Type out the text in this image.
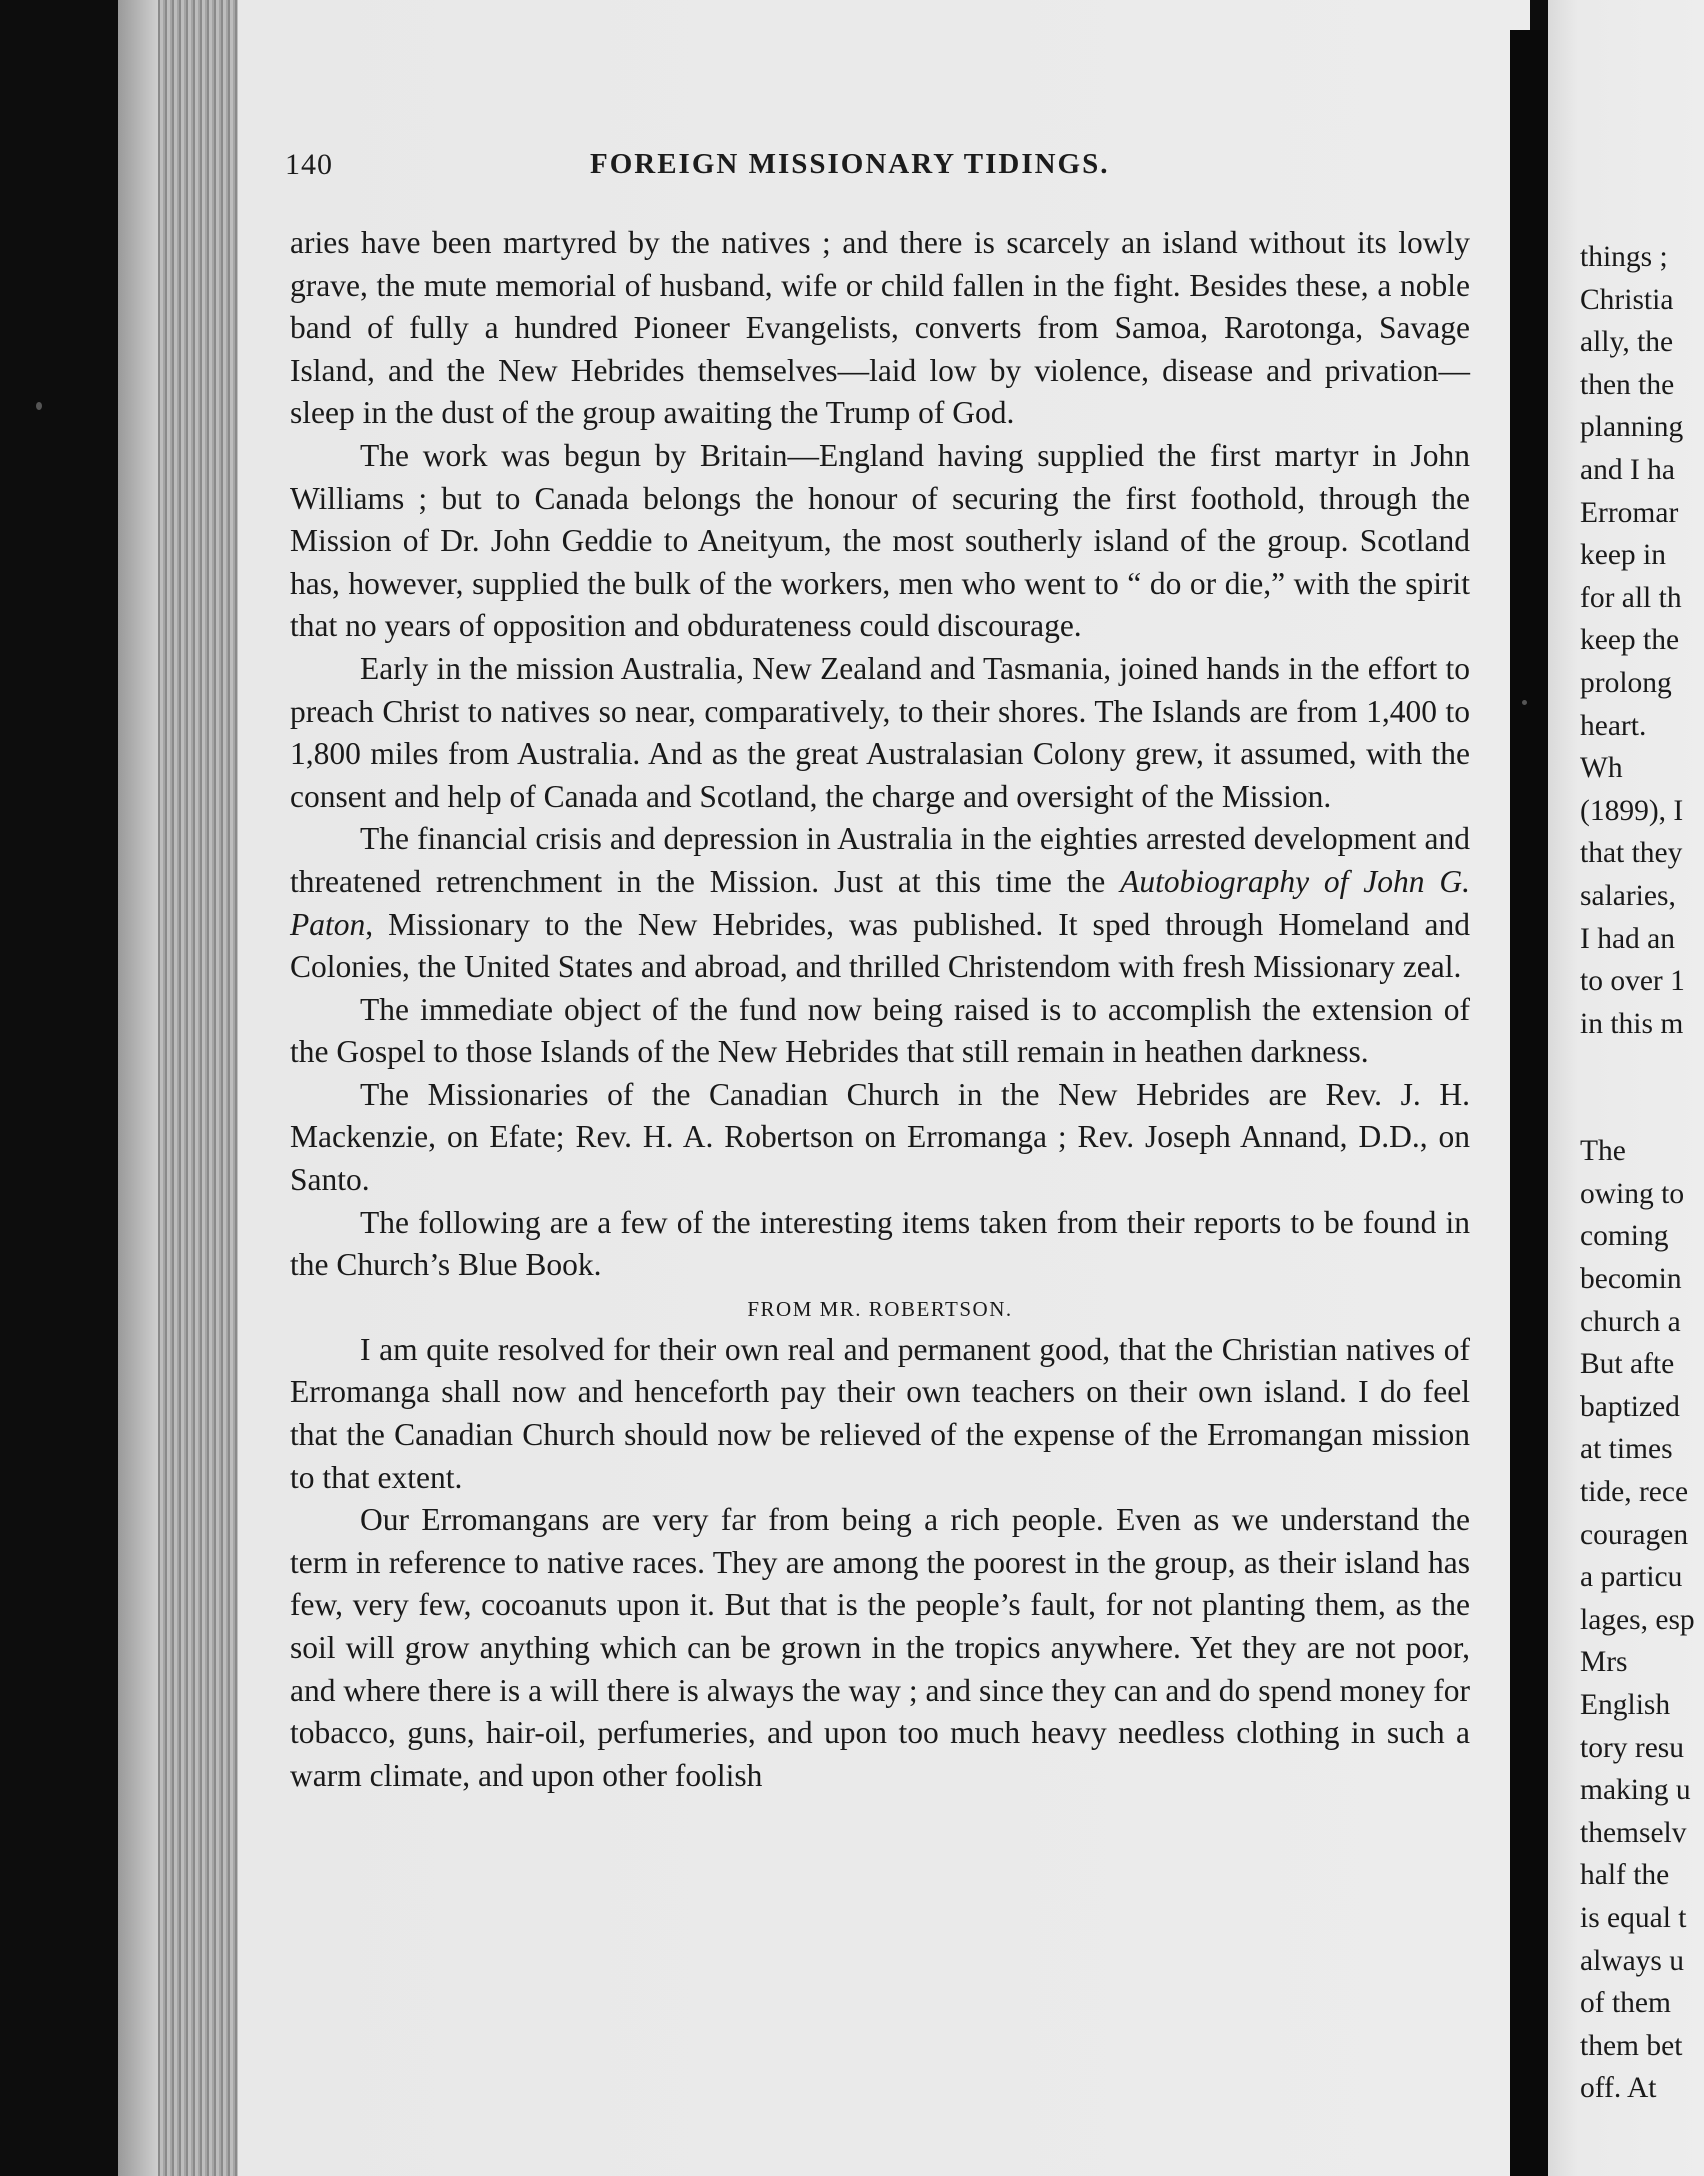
140	FOREIGN MISSIONARY TIDINGS.

aries have been martyred by the natives ; and there is scarcely an island without its lowly grave, the mute memorial of husband, wife or child fallen in the fight. Besides these, a noble band of fully a hundred Pioneer Evangelists, converts from Samoa, Rarotonga, Savage Island, and the New Hebrides themselves—laid low by violence, disease and privation—sleep in the dust of the group awaiting the Trump of God.

The work was begun by Britain—England having supplied the first martyr in John Williams ; but to Canada belongs the honour of securing the first foothold, through the Mission of Dr. John Geddie to Aneityum, the most southerly island of the group. Scotland has, however, supplied the bulk of the workers, men who went to “ do or die,” with the spirit that no years of opposition and obdurateness could discourage.

Early in the mission Australia, New Zealand and Tasmania, joined hands in the effort to preach Christ to natives so near, comparatively, to their shores. The Islands are from 1,400 to 1,800 miles from Australia. And as the great Australasian Colony grew, it assumed, with the consent and help of Canada and Scotland, the charge and oversight of the Mission.

The financial crisis and depression in Australia in the eighties arrested development and threatened retrenchment in the Mission. Just at this time the Autobiography of John G. Paton, Missionary to the New Hebrides, was published. It sped through Homeland and Colonies, the United States and abroad, and thrilled Christendom with fresh Missionary zeal.

The immediate object of the fund now being raised is to accomplish the extension of the Gospel to those Islands of the New Hebrides that still remain in heathen darkness.

The Missionaries of the Canadian Church in the New Hebrides are Rev. J. H. Mackenzie, on Efate; Rev. H. A. Robertson on Erromanga ; Rev. Joseph Annand, D.D., on Santo.

The following are a few of the interesting items taken from their reports to be found in the Church’s Blue Book.

FROM MR. ROBERTSON.

I am quite resolved for their own real and permanent good, that the Christian natives of Erromanga shall now and henceforth pay their own teachers on their own island. I do feel that the Canadian Church should now be relieved of the expense of the Erromangan mission to that extent.

Our Erromangans are very far from being a rich people. Even as we understand the term in reference to native races. They are among the poorest in the group, as their island has few, very few, cocoanuts upon it. But that is the people’s fault, for not planting them, as the soil will grow anything which can be grown in the tropics anywhere. Yet they are not poor, and where there is a will there is always the way ; and since they can and do spend money for tobacco, guns, hair-oil, perfumeries, and upon too much heavy needless clothing in such a warm climate, and upon other foolish

things ;
Christia
ally, the
then the
planning
and I ha
Erromar
keep in
for all th
keep the
prolong
heart.
Wh
(1899), I
that they
salaries,
I had an
to over 1
in this m
The
owing to
coming
becomin
church a
But afte
baptized
at times
tide, rece
couragen
a particu
lages, esp
Mrs
English
tory resu
making u
themselv
half the
is equal t
always u
of them
them bet
off. At
